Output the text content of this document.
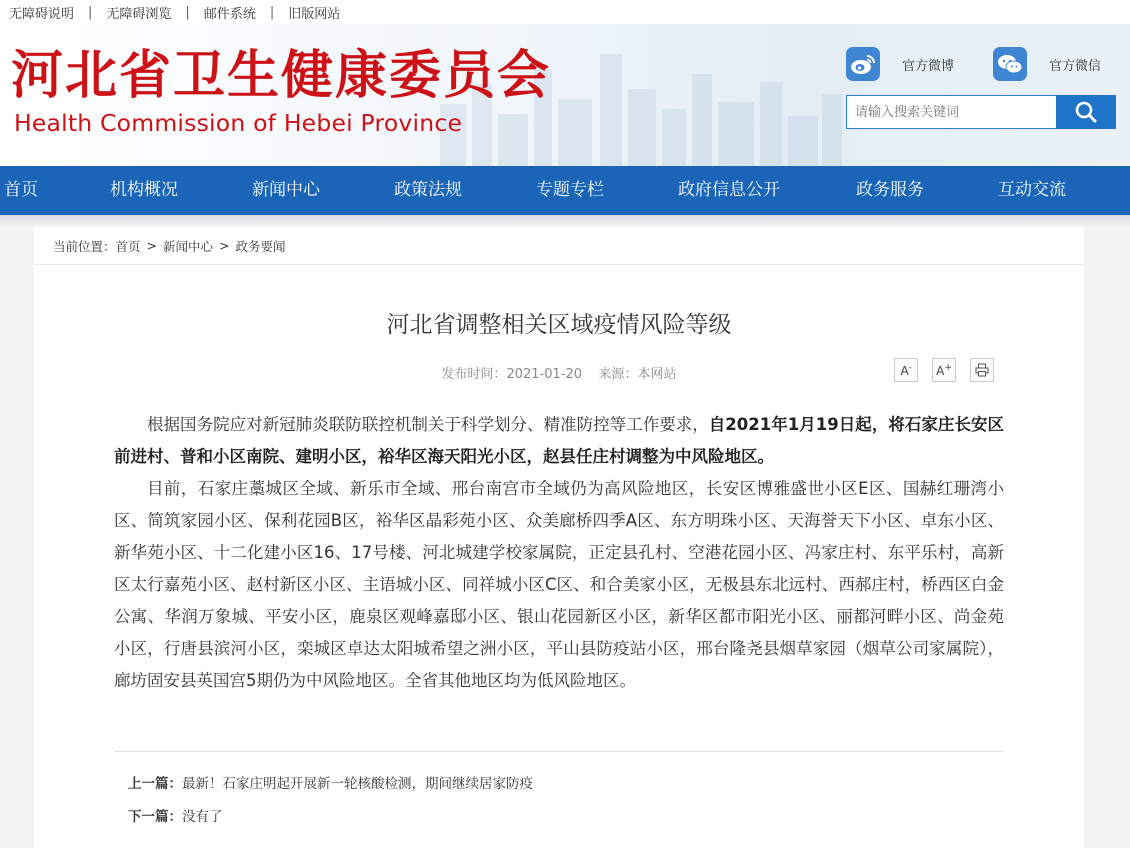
无障碍说明 | 无障碍浏览 | 邮件系统 | 旧版网站
河北省卫生健康委员会
Health Commission of Hebei Province
官方微博	官方微信
请输入搜索关键词
首页	机构概况	新闻中心	政策法规	专题专栏	政府信息公开	政务服务	互动交流
当前位置： 首页 > 新闻中心 > 政务要闻
河北省调整相关区域疫情风险等级
发布时间：2021-01-20 来源：本网站	A- A+

根据国务院应对新冠肺炎联防联控机制关于科学划分、精准防控等工作要求，自2021年1月19日起，将石家庄长安区前进村、普和小区南院、建明小区，裕华区海天阳光小区，赵县任庄村调整为中风险地区。

目前，石家庄藁城区全域、新乐市全域、邢台南宫市全域仍为高风险地区，长安区博雅盛世小区E区、国赫红珊湾小区、简筑家园小区、保利花园B区，裕华区晶彩苑小区、众美廊桥四季A区、东方明珠小区、天海誉天下小区、卓东小区、新华苑小区、十二化建小区16、17号楼、河北城建学校家属院，正定县孔村、空港花园小区、冯家庄村、东平乐村，高新区太行嘉苑小区、赵村新区小区、主语城小区、同祥城小区C区、和合美家小区，无极县东北远村、西郝庄村，桥西区白金公寓、华润万象城、平安小区，鹿泉区观峰嘉邸小区、银山花园新区小区，新华区都市阳光小区、丽都河畔小区、尚金苑小区，行唐县滨河小区，栾城区卓达太阳城希望之洲小区，平山县防疫站小区，邢台隆尧县烟草家园（烟草公司家属院），廊坊固安县英国宫5期仍为中风险地区。全省其他地区均为低风险地区。

上一篇：最新！石家庄明起开展新一轮核酸检测，期间继续居家防疫
下一篇：没有了
